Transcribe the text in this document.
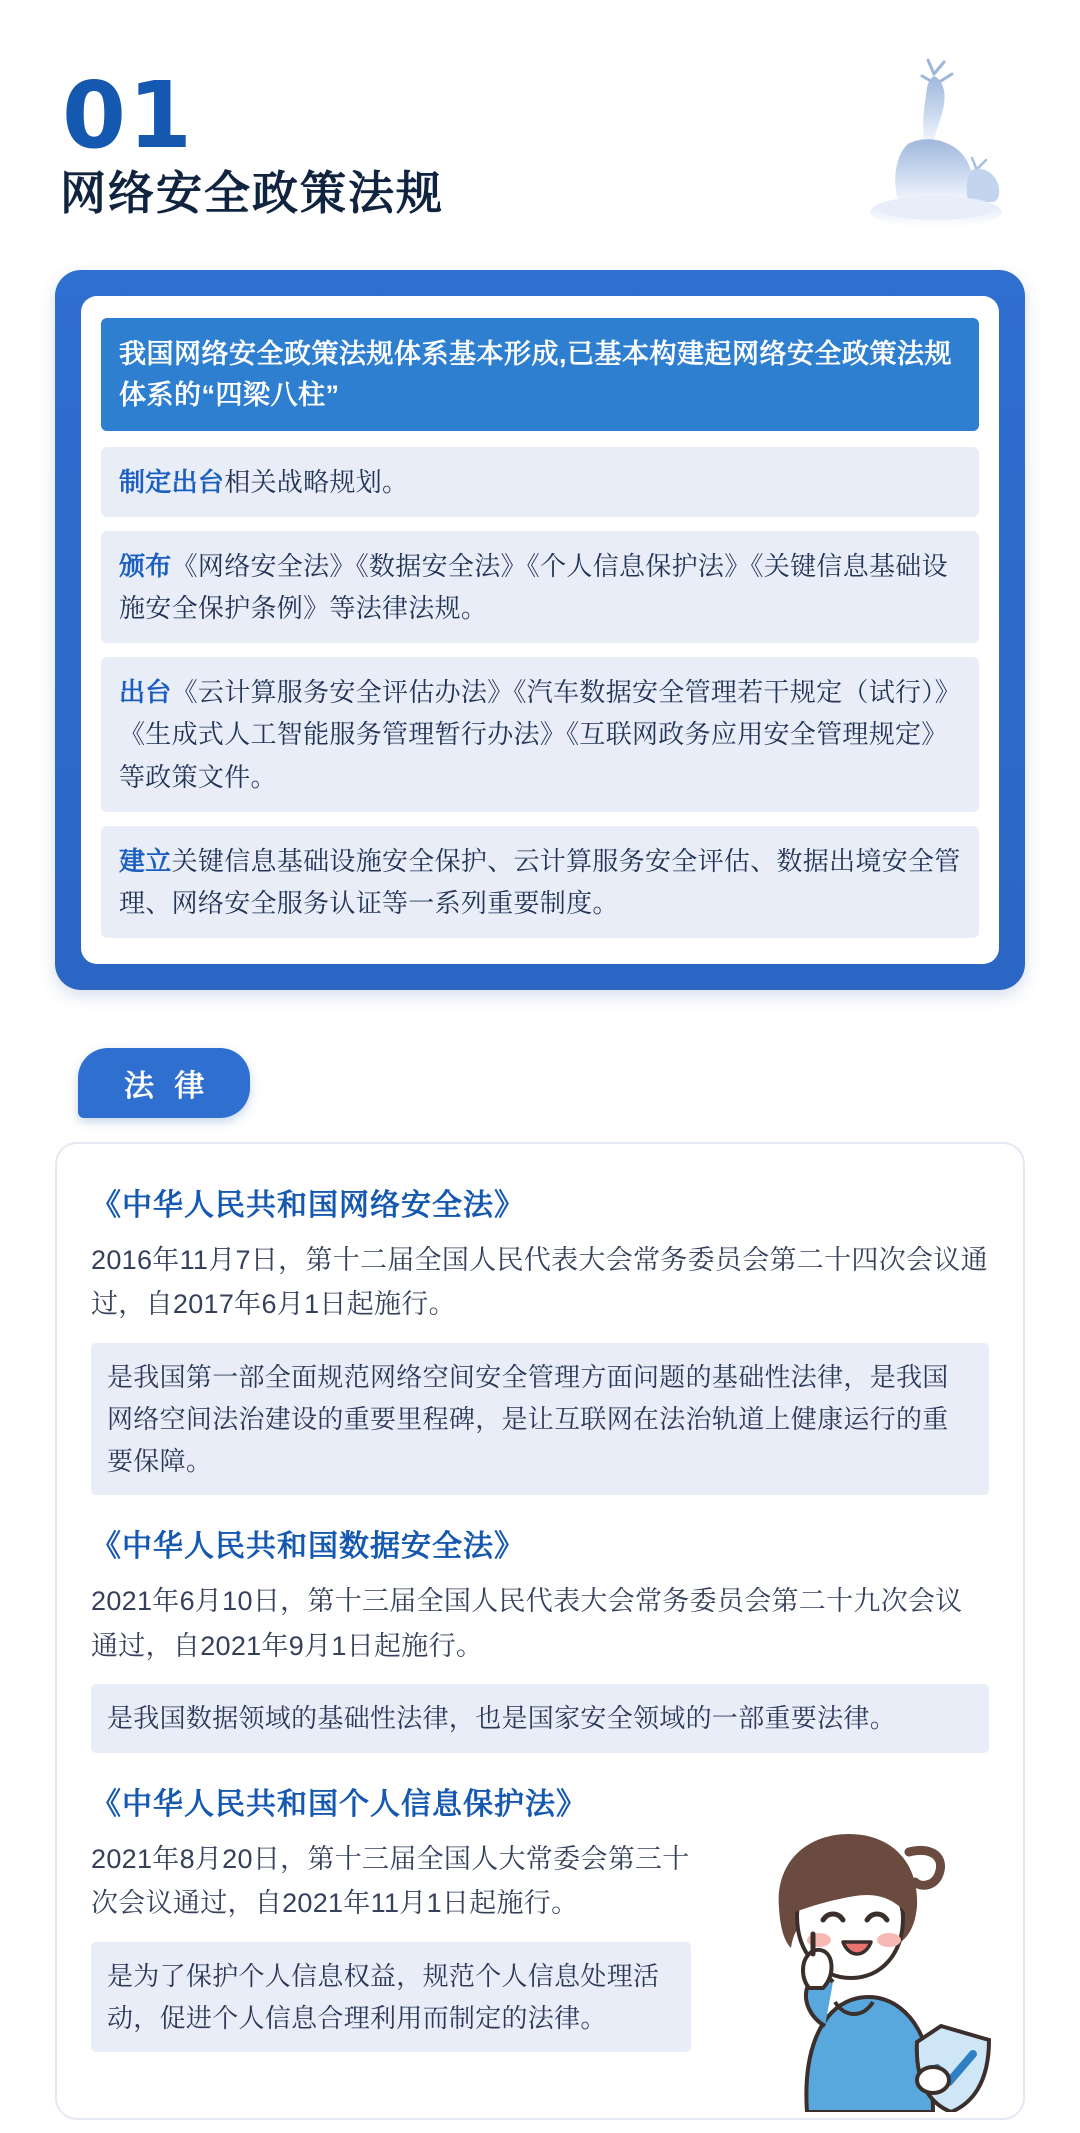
01
网络安全政策法规
我国网络安全政策法规体系基本形成,已基本构建起网络安全政策法规体系的“四梁八柱”
制定出台相关战略规划。
颁布《网络安全法》《数据安全法》《个人信息保护法》《关键信息基础设施安全保护条例》等法律法规。
出台《云计算服务安全评估办法》《汽车数据安全管理若干规定（试行）》《生成式人工智能服务管理暂行办法》《互联网政务应用安全管理规定》等政策文件。
建立关键信息基础设施安全保护、云计算服务安全评估、数据出境安全管理、网络安全服务认证等一系列重要制度。
法 律
《中华人民共和国网络安全法》
2016年11月7日，第十二届全国人民代表大会常务委员会第二十四次会议通过，自2017年6月1日起施行。
是我国第一部全面规范网络空间安全管理方面问题的基础性法律，是我国网络空间法治建设的重要里程碑，是让互联网在法治轨道上健康运行的重要保障。
《中华人民共和国数据安全法》
2021年6月10日，第十三届全国人民代表大会常务委员会第二十九次会议通过，自2021年9月1日起施行。
是我国数据领域的基础性法律，也是国家安全领域的一部重要法律。
《中华人民共和国个人信息保护法》
2021年8月20日，第十三届全国人大常委会第三十次会议通过，自2021年11月1日起施行。
是为了保护个人信息权益，规范个人信息处理活动，促进个人信息合理利用而制定的法律。
